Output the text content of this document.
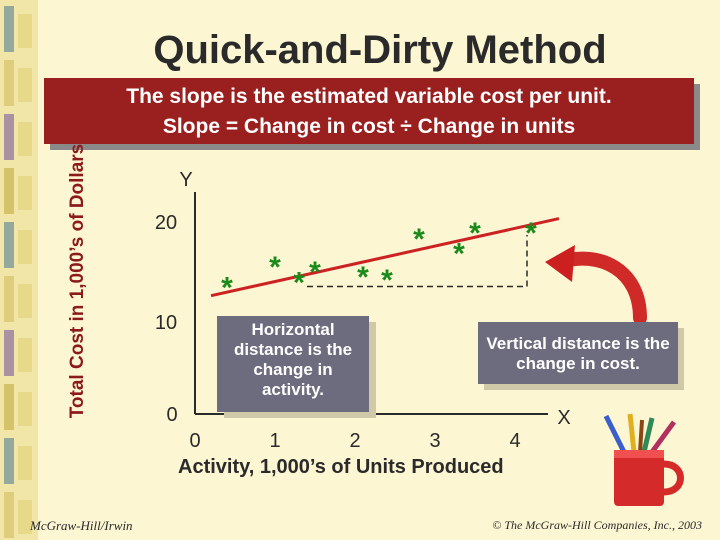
Quick-and-Dirty Method
The slope is the estimated variable cost per unit.
Slope = Change in cost ÷ Change in units
Total Cost in 1,000’s of Dollars	Y
X
*
* * * * *
* *
* *
0	1	2	3	4
0
10
20
Horizontal distance is the change in activity.
Vertical distance is the change in cost.
Activity, 1,000’s of Units Produced
McGraw-Hill/Irwin	© The McGraw-Hill Companies, Inc., 2003
